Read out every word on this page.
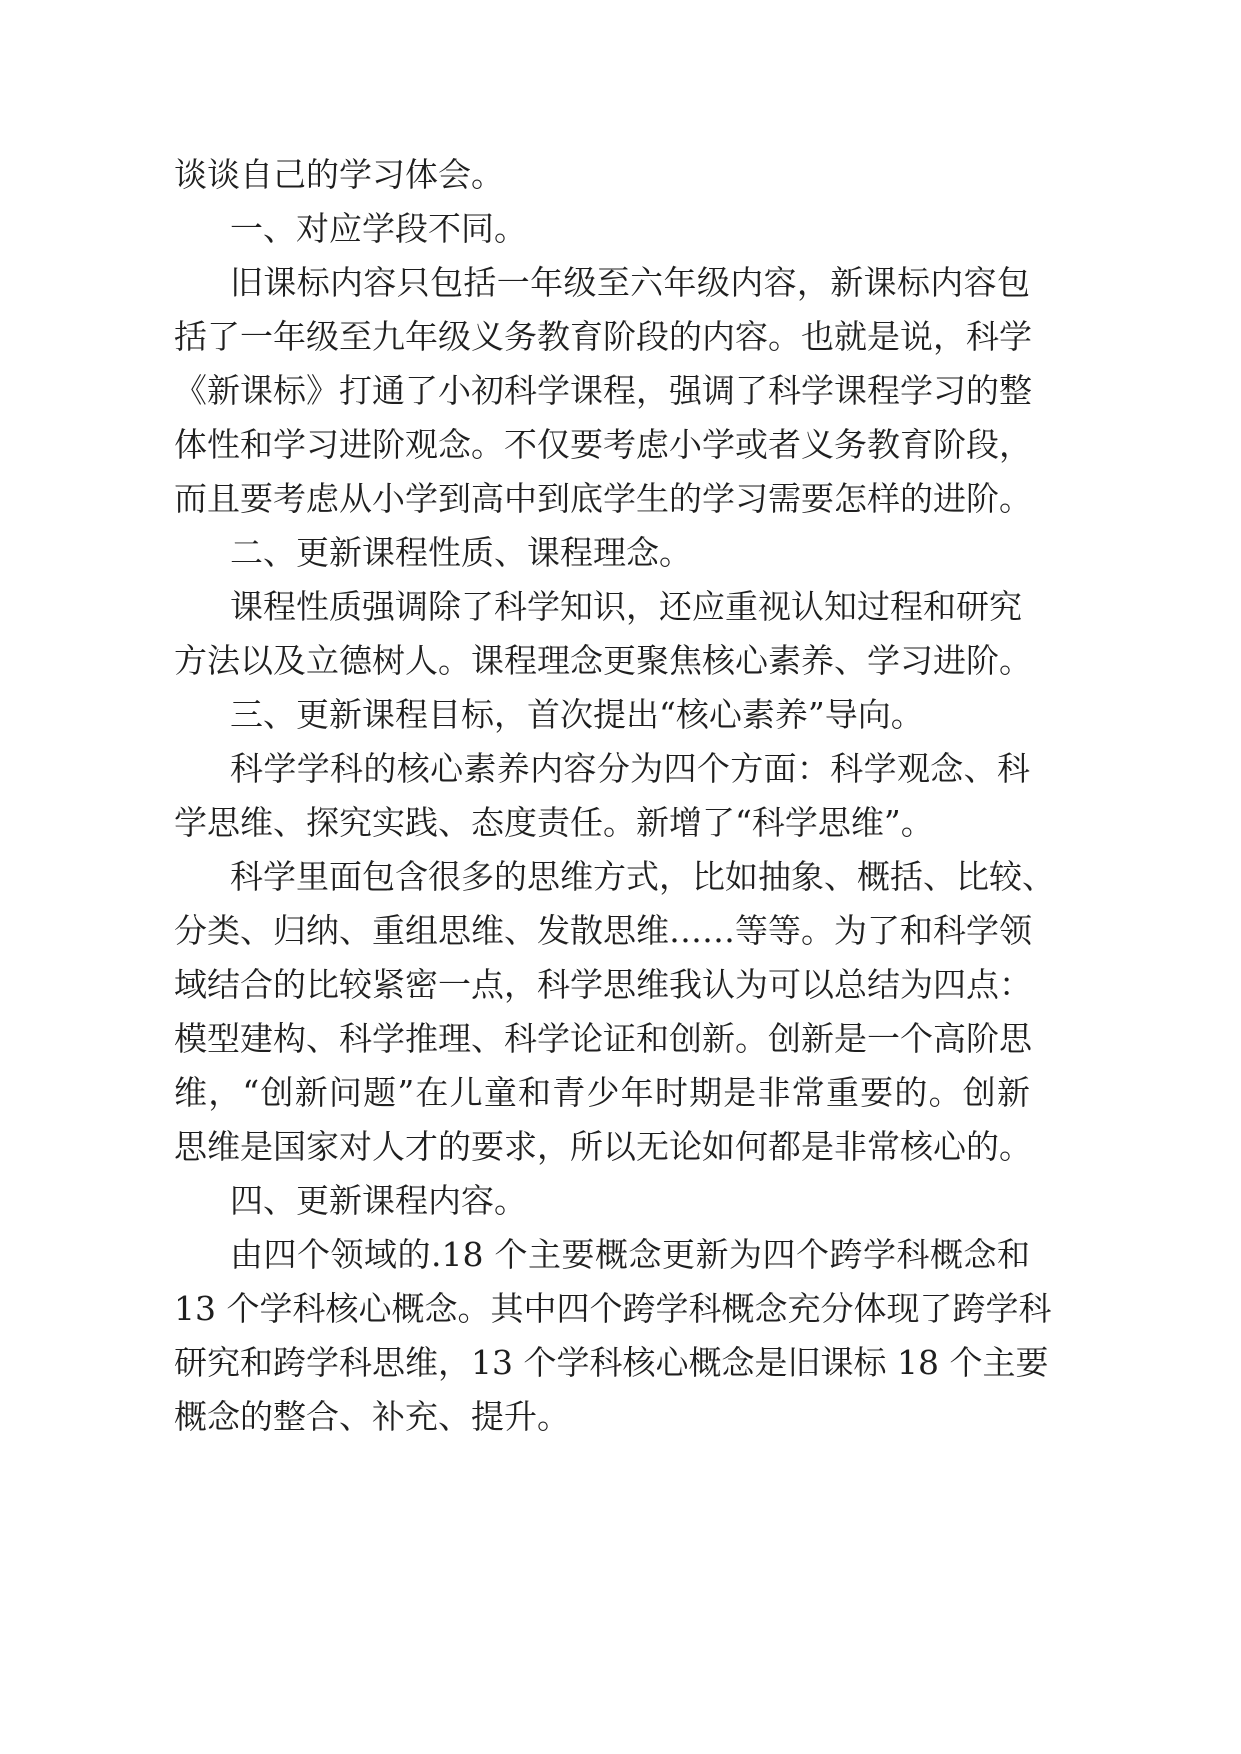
谈谈自己的学习体会。
一、对应学段不同。
旧课标内容只包括一年级至六年级内容，新课标内容包
括了一年级至九年级义务教育阶段的内容。也就是说，科学
《新课标》打通了小初科学课程，强调了科学课程学习的整
体性和学习进阶观念。不仅要考虑小学或者义务教育阶段，
而且要考虑从小学到高中到底学生的学习需要怎样的进阶。
二、更新课程性质、课程理念。
课程性质强调除了科学知识，还应重视认知过程和研究
方法以及立德树人。课程理念更聚焦核心素养、学习进阶。
三、更新课程目标，首次提出“核心素养”导向。
科学学科的核心素养内容分为四个方面：科学观念、科
学思维、探究实践、态度责任。新增了“科学思维”。
科学里面包含很多的思维方式，比如抽象、概括、比较、
分类、归纳、重组思维、发散思维……等等。为了和科学领
域结合的比较紧密一点，科学思维我认为可以总结为四点：
模型建构、科学推理、科学论证和创新。创新是一个高阶思
维，“创新问题”在儿童和青少年时期是非常重要的。创新
思维是国家对人才的要求，所以无论如何都是非常核心的。
四、更新课程内容。
由四个领域的.18 个主要概念更新为四个跨学科概念和
13 个学科核心概念。其中四个跨学科概念充分体现了跨学科
研究和跨学科思维，13 个学科核心概念是旧课标 18 个主要
概念的整合、补充、提升。
